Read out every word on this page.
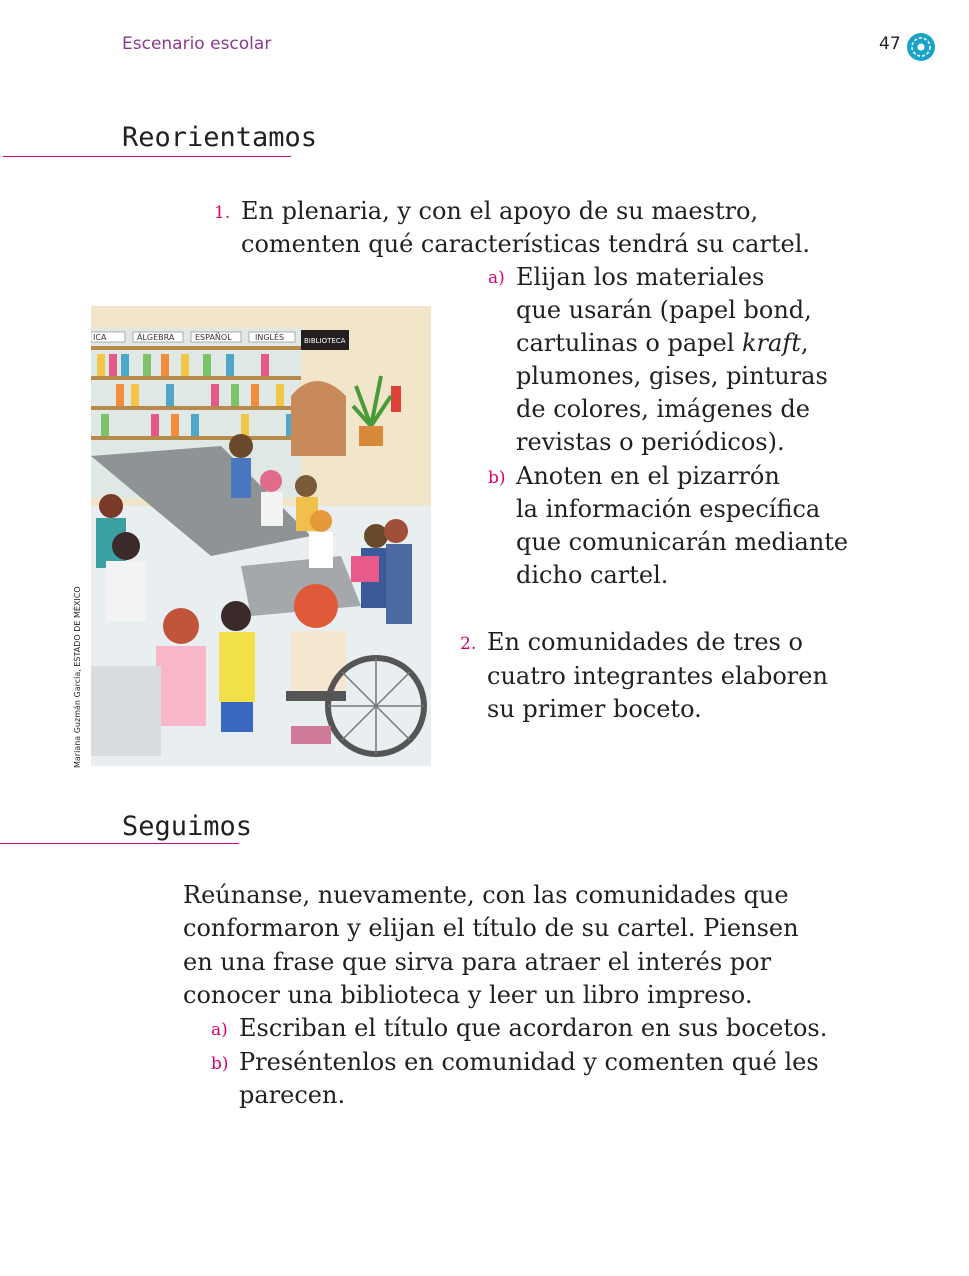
Escenario escolar	47
Reorientamos
1. En plenaria, y con el apoyo de su maestro,
comenten qué características tendrá su cartel.
a) Elijan los materiales
que usarán (papel bond,
cartulinas o papel kraft,
plumones, gises, pinturas
de colores, imágenes de
revistas o periódicos).
b) Anoten en el pizarrón
la información específica
que comunicarán mediante
dicho cartel.
2. En comunidades de tres o
cuatro integrantes elaboren
su primer boceto.
ICA	ÁLGEBRA	ESPAÑOL	INGLÉS	BIBLIOTECA
Mariana Guzmán García, ESTADO DE MÉXICO
Seguimos
Reúnanse, nuevamente, con las comunidades que
conformaron y elijan el título de su cartel. Piensen
en una frase que sirva para atraer el interés por
conocer una biblioteca y leer un libro impreso.
a) Escriban el título que acordaron en sus bocetos.
b) Preséntenlos en comunidad y comenten qué les
parecen.
